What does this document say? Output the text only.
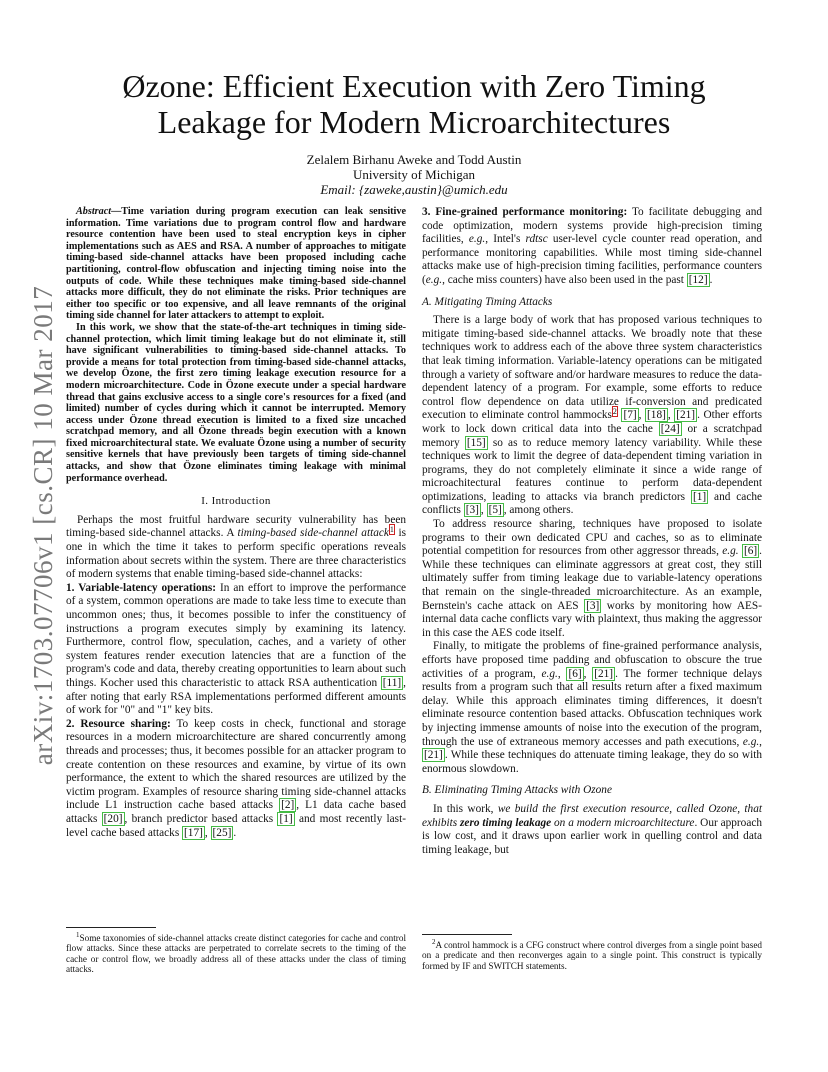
arXiv:1703.07706v1 [cs.CR] 10 Mar 2017
Øzone: Efficient Execution with Zero Timing
Leakage for Modern Microarchitectures
Zelalem Birhanu Aweke and Todd Austin
University of Michigan
Email: {zaweke,austin}@umich.edu

Abstract—Time variation during program execution can leak sensitive information. Time variations due to program control flow and hardware resource contention have been used to steal encryption keys in cipher implementations such as AES and RSA. A number of approaches to mitigate timing-based side-channel attacks have been proposed including cache partitioning, control-flow obfuscation and injecting timing noise into the outputs of code. While these techniques make timing-based side-channel attacks more difficult, they do not eliminate the risks. Prior techniques are either too specific or too expensive, and all leave remnants of the original timing side channel for later attackers to attempt to exploit.

In this work, we show that the state-of-the-art techniques in timing side-channel protection, which limit timing leakage but do not eliminate it, still have significant vulnerabilities to timing-based side-channel attacks. To provide a means for total protection from timing-based side-channel attacks, we develop Özone, the first zero timing leakage execution resource for a modern microarchitecture. Code in Özone execute under a special hardware thread that gains exclusive access to a single core's resources for a fixed (and limited) number of cycles during which it cannot be interrupted. Memory access under Özone thread execution is limited to a fixed size uncached scratchpad memory, and all Özone threads begin execution with a known fixed microarchitectural state. We evaluate Özone using a number of security sensitive kernels that have previously been targets of timing side-channel attacks, and show that Özone eliminates timing leakage with minimal performance overhead.

I. Introduction

Perhaps the most fruitful hardware security vulnerability has been timing-based side-channel attacks. A timing-based side-channel attack$^1$ is one in which the time it takes to perform specific operations reveals information about secrets within the system. There are three characteristics of modern systems that enable timing-based side-channel attacks:

1. Variable-latency operations: In an effort to improve the performance of a system, common operations are made to take less time to execute than uncommon ones; thus, it becomes possible to infer the constituency of instructions a program executes simply by examining its latency. Furthermore, control flow, speculation, caches, and a variety of other system features render execution latencies that are a function of the program's code and data, thereby creating opportunities to learn about such things. Kocher used this characteristic to attack RSA authentication [11] , after noting that early RSA implementations performed different amounts of work for "0" and "1" key bits.

2. Resource sharing: To keep costs in check, functional and storage resources in a modern microarchitecture are shared concurrently among threads and processes; thus, it becomes possible for an attacker program to create contention on these resources and examine, by virtue of its own performance, the extent to which the shared resources are utilized by the victim program. Examples of resource sharing timing side-channel attacks include L1 instruction cache based attacks [2] , L1 data cache based attacks [20] , branch predictor based attacks [1] and most recently last-level cache based attacks [17] , [25] .

$^1$Some taxonomies of side-channel attacks create distinct categories for cache and control flow attacks. Since these attacks are perpetrated to correlate secrets to the timing of the cache or control flow, we broadly address all of these attacks under the class of timing attacks.

3. Fine-grained performance monitoring: To facilitate debugging and code optimization, modern systems provide high-precision timing facilities, e.g., Intel's rdtsc user-level cycle counter read operation, and performance monitoring capabilities. While most timing side-channel attacks make use of high-precision timing facilities, performance counters (e.g., cache miss counters) have also been used in the past [12] .

A. Mitigating Timing Attacks

There is a large body of work that has proposed various techniques to mitigate timing-based side-channel attacks. We broadly note that these techniques work to address each of the above three system characteristics that leak timing information. Variable-latency operations can be mitigated through a variety of software and/or hardware measures to reduce the data-dependent latency of a program. For example, some efforts to reduce control flow dependence on data utilize if-conversion and predicated execution to eliminate control hammocks$^2$ [7] , [18] , [21] . Other efforts work to lock down critical data into the cache [24] or a scratchpad memory [15] so as to reduce memory latency variability. While these techniques work to limit the degree of data-dependent timing variation in programs, they do not completely eliminate it since a wide range of microachitectural features continue to perform data-dependent optimizations, leading to attacks via branch predictors [1] and cache conflicts [3] , [5] , among others.

To address resource sharing, techniques have proposed to isolate programs to their own dedicated CPU and caches, so as to eliminate potential competition for resources from other aggressor threads, e.g. [6] . While these techniques can eliminate aggressors at great cost, they still ultimately suffer from timing leakage due to variable-latency operations that remain on the single-threaded microarchitecture. As an example, Bernstein's cache attack on AES [3] works by monitoring how AES-internal data cache conflicts vary with plaintext, thus making the aggressor in this case the AES code itself.

Finally, to mitigate the problems of fine-grained performance analysis, efforts have proposed time padding and obfuscation to obscure the true activities of a program, e.g., [6] , [21] . The former technique delays results from a program such that all results return after a fixed maximum delay. While this approach eliminates timing differences, it doesn't eliminate resource contention based attacks. Obfuscation techniques work by injecting immense amounts of noise into the execution of the program, through the use of extraneous memory accesses and path executions, e.g., [21] . While these techniques do attenuate timing leakage, they do so with enormous slowdown.

B. Eliminating Timing Attacks with Ozone

In this work, we build the first execution resource, called Ozone, that exhibits zero timing leakage on a modern microarchitecture. Our approach is low cost, and it draws upon earlier work in quelling control and data timing leakage, but

$^2$A control hammock is a CFG construct where control diverges from a single point based on a predicate and then reconverges again to a single point. This construct is typically formed by IF and SWITCH statements.
